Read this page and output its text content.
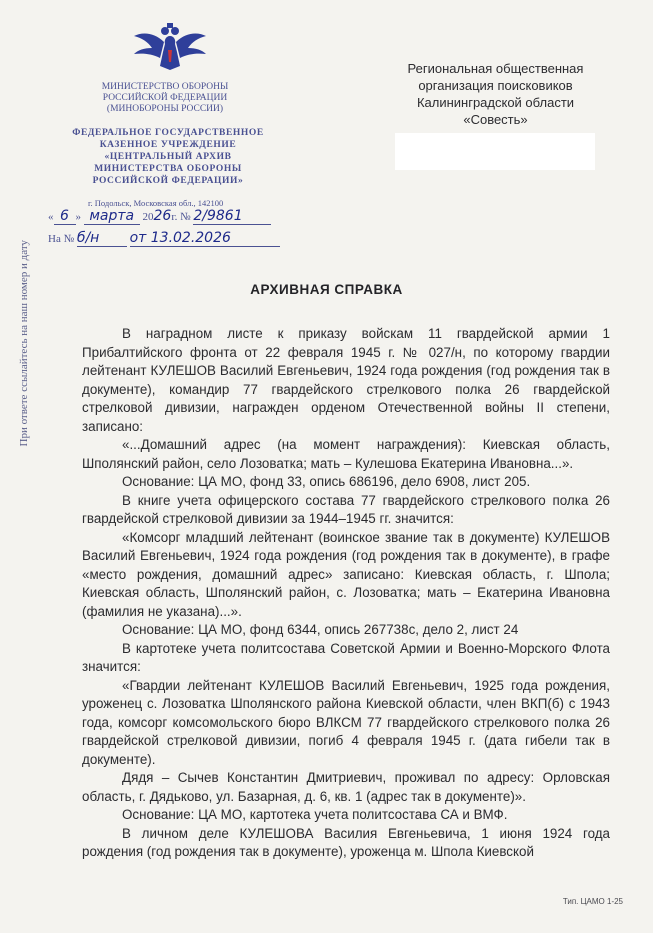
При ответе ссылайтесь на наш номер и дату
МИНИСТЕРСТВО ОБОРОНЫ
РОССИЙСКОЙ ФЕДЕРАЦИИ
(МИНОБОРОНЫ РОССИИ)
ФЕДЕРАЛЬНОЕ ГОСУДАРСТВЕННОЕ
КАЗЕННОЕ УЧРЕЖДЕНИЕ
«ЦЕНТРАЛЬНЫЙ АРХИВ
МИНИСТЕРСТВА ОБОРОНЫ
РОССИЙСКОЙ ФЕДЕРАЦИИ»
г. Подольск, Московская обл., 142100
« 6 » марта 2026г. № 2/9861
На № б/н от 13.02.2026
Региональная общественная
организация поисковиков
Калининградской области
«Совесть»
АРХИВНАЯ СПРАВКА

В наградном листе к приказу войскам 11 гвардейской армии 1 Прибалтийского фронта от 22 февраля 1945 г. № 027/н, по которому гвардии лейтенант КУЛЕШОВ Василий Евгеньевич, 1924 года рождения (год рождения так в документе), командир 77 гвардейского стрелкового полка 26 гвардейской стрелковой дивизии, награжден орденом Отечественной войны II степени, записано:

«...Домашний адрес (на момент награждения): Киевская область, Шполянский район, село Лозоватка; мать – Кулешова Екатерина Ивановна...».

Основание: ЦА МО, фонд 33, опись 686196, дело 6908, лист 205.

В книге учета офицерского состава 77 гвардейского стрелкового полка 26 гвардейской стрелковой дивизии за 1944–1945 гг. значится:

«Комсорг младший лейтенант (воинское звание так в документе) КУЛЕШОВ Василий Евгеньевич, 1924 года рождения (год рождения так в документе), в графе «место рождения, домашний адрес» записано: Киевская область, г. Шпола; Киевская область, Шполянский район, с. Лозоватка; мать – Екатерина Ивановна (фамилия не указана)...».

Основание: ЦА МО, фонд 6344, опись 267738с, дело 2, лист 24

В картотеке учета политсостава Советской Армии и Военно-Морского Флота значится:

«Гвардии лейтенант КУЛЕШОВ Василий Евгеньевич, 1925 года рождения, уроженец с. Лозоватка Шполянского района Киевской области, член ВКП(б) с 1943 года, комсорг комсомольского бюро ВЛКСМ 77 гвардейского стрелкового полка 26 гвардейской стрелковой дивизии, погиб 4 февраля 1945 г. (дата гибели так в документе).

Дядя – Сычев Константин Дмитриевич, проживал по адресу: Орловская область, г. Дядьково, ул. Базарная, д. 6, кв. 1 (адрес так в документе)».

Основание: ЦА МО, картотека учета политсостава СА и ВМФ.

В личном деле КУЛЕШОВА Василия Евгеньевича, 1 июня 1924 года рождения (год рождения так в документе), уроженца м. Шпола Киевской

Тип. ЦАМО 1-25
